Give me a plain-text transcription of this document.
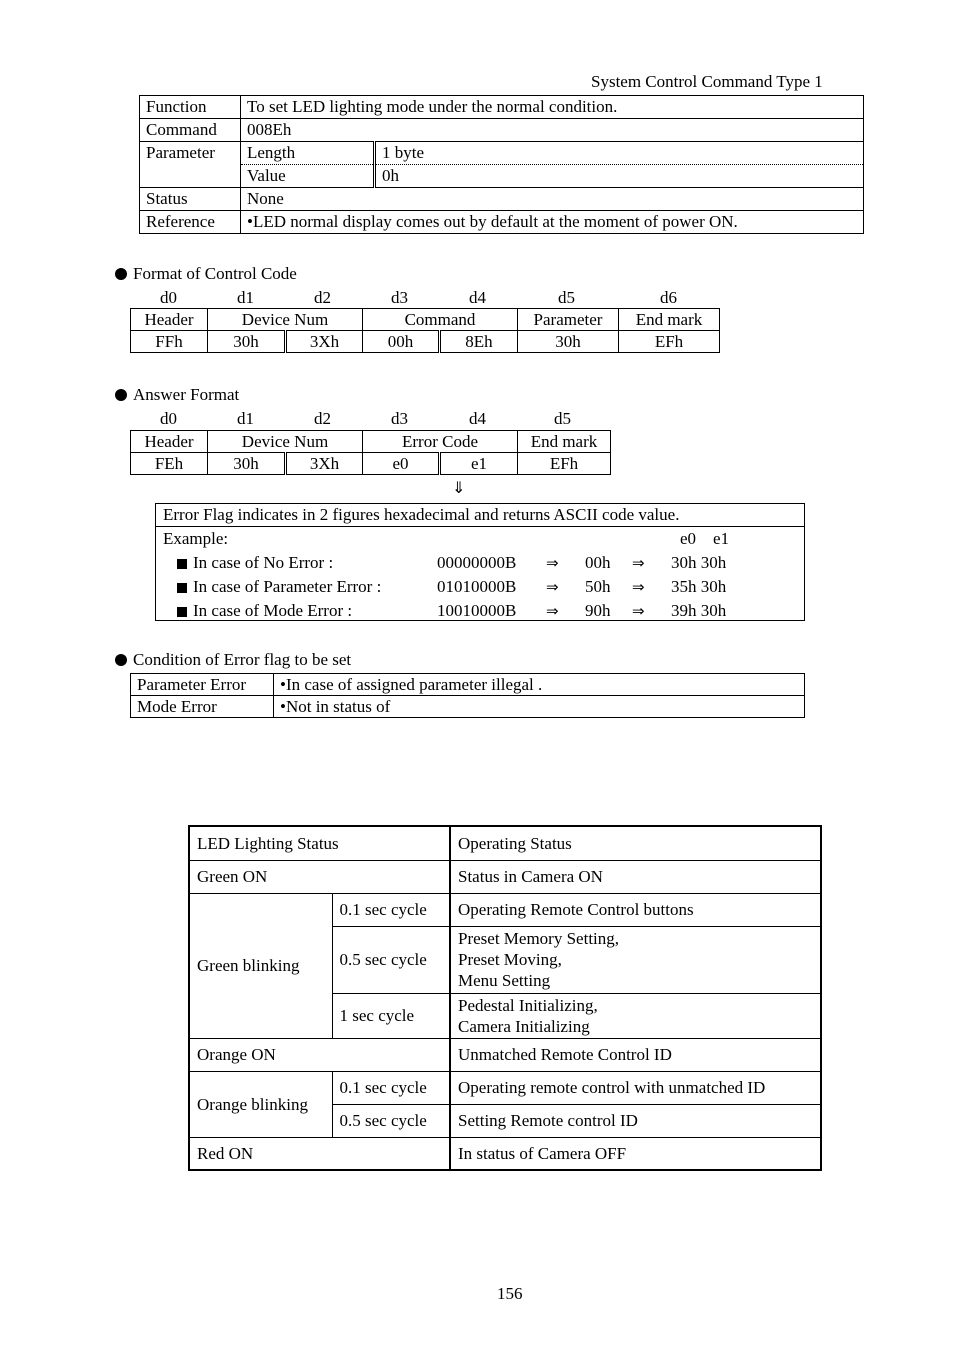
System Control Command Type 1
Function	To set LED lighting mode under the normal condition.	
Command	008Eh	
Parameter	Length	1 byte
	Value	0h
Status	None	
Reference	•LED normal display comes out by default at the moment of power ON.	
Format of Control Code
d0	d1	d2	d3	d4	d5	d6
Header	Device Num		Command		Parameter	End mark
FFh	30h	3Xh	00h	8Eh	30h	EFh
Answer Format
d0	d1	d2	d3	d4	d5
Header	Device Num		Error Code		End mark
FEh	30h	3Xh	e0	e1	EFh
⇓
Error Flag indicates in 2 figures hexadecimal and returns ASCII code value.
Example:	e0    e1
In case of No Error :	00000000B ⇒ 00h ⇒ 30h 30h
In case of Parameter Error :	01010000B ⇒ 50h ⇒ 35h 30h
In case of Mode Error :	10010000B ⇒ 90h ⇒ 39h 30h
Condition of Error flag to be set
Parameter Error	•In case of assigned parameter illegal .
Mode Error	•Not in status of
LED Lighting Status		Operating Status
Green ON		Status in Camera ON
Green blinking	0.1 sec cycle	Operating Remote Control buttons
	0.5 sec cycle	Preset Memory Setting,
Preset Moving,
Menu Setting

	1 sec cycle	Pedestal Initializing,
Camera Initializing

Orange ON		Unmatched Remote Control ID
Orange blinking	0.1 sec cycle	Operating remote control with unmatched ID
	0.5 sec cycle	Setting Remote control ID
Red ON		In status of Camera OFF
156
